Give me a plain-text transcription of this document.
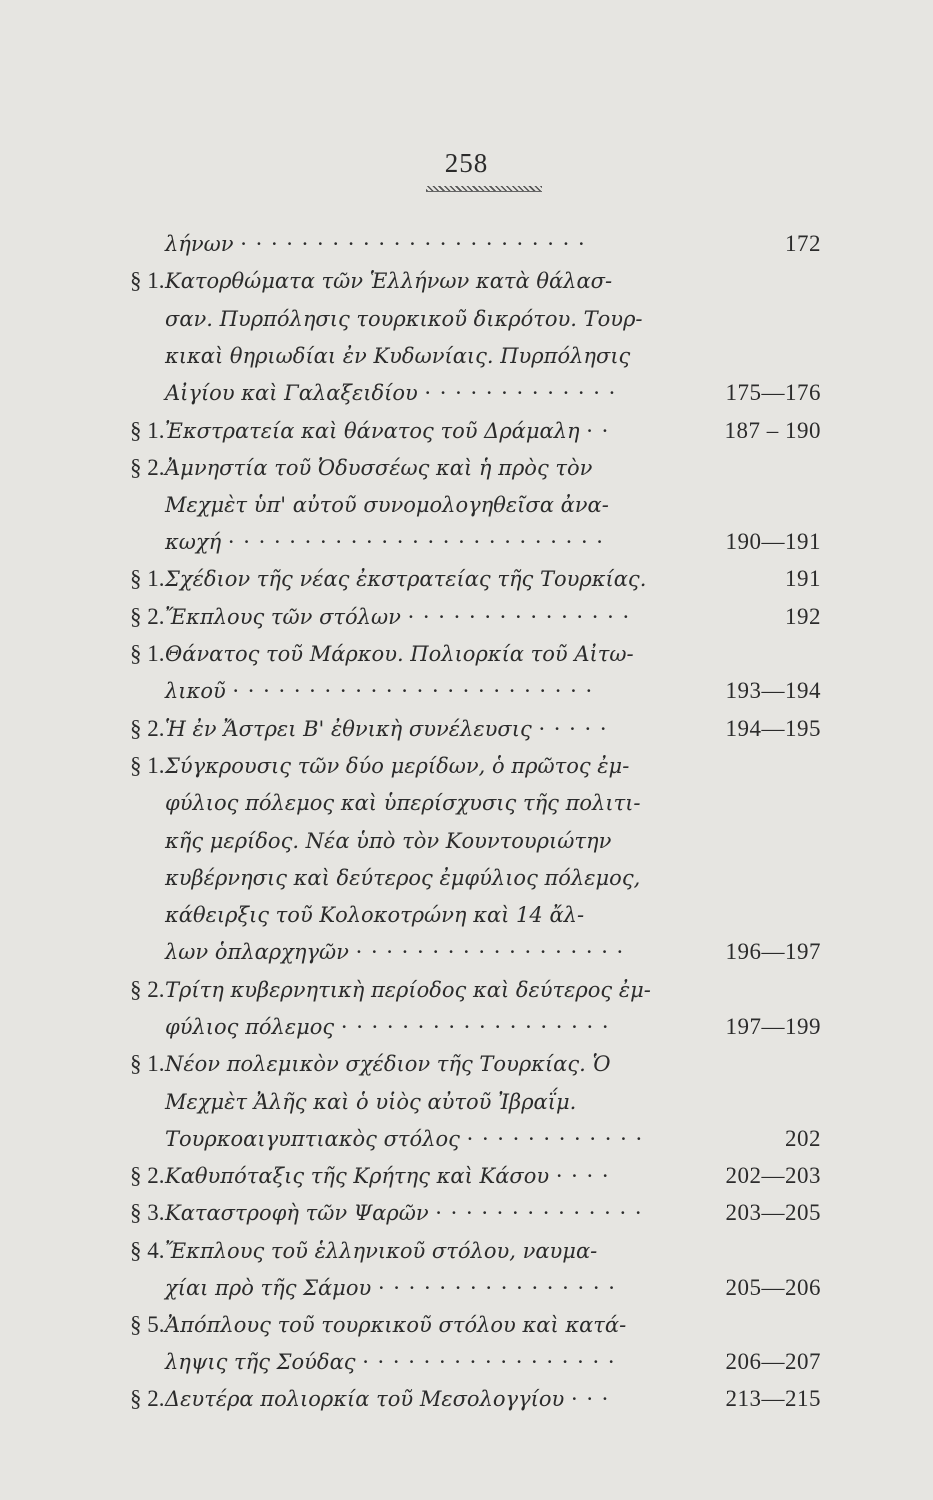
258
λήνων · · · · · · · · · · · · · · · · · · · · · · ·	172
§ 1. Κατορθώματα τῶν Ἑλλήνων κατὰ θάλασ-
σαν. Πυρπόλησις τουρκικοῦ δικρότου. Τουρ-
κικαὶ θηριωδίαι ἐν Κυδωνίαις. Πυρπόλησις
Αἰγίου καὶ Γαλαξειδίου · · · · · · · · · · · · ·	175—176
§ 1. Ἐκστρατεία καὶ θάνατος τοῦ Δράμαλη · ·	187 – 190
§ 2. Ἀμνηστία τοῦ Ὀδυσσέως καὶ ἡ πρὸς τὸν
Μεχμὲτ ὑπ' αὐτοῦ συνομολογηθεῖσα ἀνα-
κωχή · · · · · · · · · · · · · · · · · · · · · · · · ·	190—191
§ 1. Σχέδιον τῆς νέας ἐκστρατείας τῆς Τουρκίας.	191
§ 2. Ἔκπλους τῶν στόλων · · · · · · · · · · · · · · ·	192
§ 1. Θάνατος τοῦ Μάρκου. Πολιορκία τοῦ Αἰτω-
λικοῦ · · · · · · · · · · · · · · · · · · · · · · · ·	193—194
§ 2. Ἡ ἐν Ἄστρει Β' ἐθνικὴ συνέλευσις · · · · ·	194—195
§ 1. Σύγκρουσις τῶν δύο μερίδων, ὁ πρῶτος ἐμ-
φύλιος πόλεμος καὶ ὑπερίσχυσις τῆς πολιτι-
κῆς μερίδος. Νέα ὑπὸ τὸν Κουντουριώτην
κυβέρνησις καὶ δεύτερος ἐμφύλιος πόλεμος,
κάθειρξις τοῦ Κολοκοτρώνη καὶ 14 ἄλ-
λων ὁπλαρχηγῶν · · · · · · · · · · · · · · · · · ·	196—197
§ 2. Τρίτη κυβερνητικὴ περίοδος καὶ δεύτερος ἐμ-
φύλιος πόλεμος · · · · · · · · · · · · · · · · · ·	197—199
§ 1. Νέον πολεμικὸν σχέδιον τῆς Τουρκίας. Ὁ
Μεχμὲτ Ἀλῆς καὶ ὁ υἱὸς αὐτοῦ Ἰβραΐμ.
Τουρκοαιγυπτιακὸς στόλος · · · · · · · · · · · ·	202
§ 2. Καθυπόταξις τῆς Κρήτης καὶ Κάσου · · · ·	202—203
§ 3. Καταστροφὴ τῶν Ψαρῶν · · · · · · · · · · · · · ·	203—205
§ 4. Ἔκπλους τοῦ ἑλληνικοῦ στόλου, ναυμα-
χίαι πρὸ τῆς Σάμου · · · · · · · · · · · · · · · ·	205—206
§ 5. Ἀπόπλους τοῦ τουρκικοῦ στόλου καὶ κατά-
ληψις τῆς Σούδας · · · · · · · · · · · · · · · · ·	206—207
§ 2. Δευτέρα πολιορκία τοῦ Μεσολογγίου · · ·	213—215
